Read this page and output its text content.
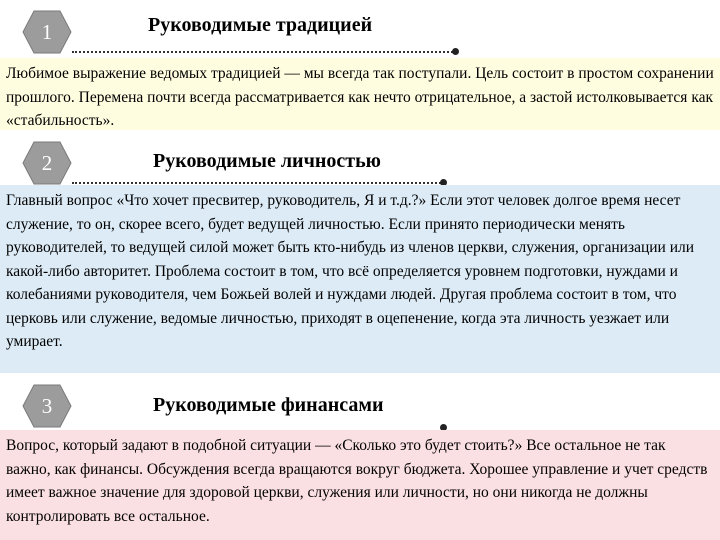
1	Руководимые традицией
Любимое выражение ведомых традицией — мы всегда так поступали. Цель состоит в простом сохранении прошлого. Перемена почти всегда рассматривается как нечто отрицательное, а застой истолковывается как «стабильность».
2	Руководимые личностью
Главный вопрос «Что хочет пресвитер, руководитель, Я и т.д.?» Если этот человек долгое время несет служение, то он, скорее всего, будет ведущей личностью. Если принято периодически менять руководителей, то ведущей силой может быть кто-нибудь из членов церкви, служения, организации или какой-либо авторитет. Проблема состоит в том, что всё определяется уровнем подготовки, нуждами и колебаниями руководителя, чем Божьей волей и нуждами людей. Другая проблема состоит в том, что церковь или служение, ведомые личностью, приходят в оцепенение, когда эта личность уезжает или умирает.
3	Руководимые финансами
Вопрос, который задают в подобной ситуации — «Сколько это будет стоить?» Все остальное не так важно, как финансы. Обсуждения всегда вращаются вокруг бюджета. Хорошее управление и учет средств имеет важное значение для здоровой церкви, служения или личности, но они никогда не должны контролировать все остальное.
